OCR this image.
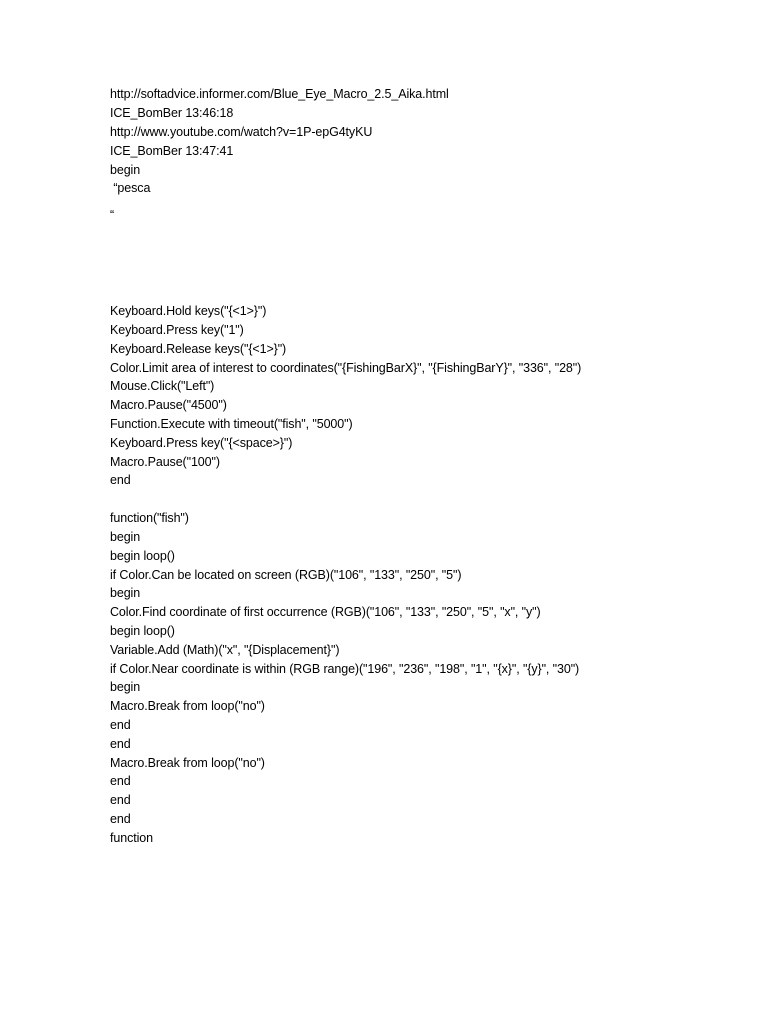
http://softadvice.informer.com/Blue_Eye_Macro_2.5_Aika.html
ICE_BomBer 13:46:18
http://www.youtube.com/watch?v=1P-epG4tyKU
ICE_BomBer 13:47:41
begin
“pesca
“
Keyboard.Hold keys("{<1>}")
Keyboard.Press key("1")
Keyboard.Release keys("{<1>}")
Color.Limit area of interest to coordinates("{FishingBarX}", "{FishingBarY}", "336", "28")
Mouse.Click("Left")
Macro.Pause("4500")
Function.Execute with timeout("fish", "5000")
Keyboard.Press key("{<space>}")
Macro.Pause("100")
end
function("fish")
begin
begin loop()
if Color.Can be located on screen (RGB)("106", "133", "250", "5")
begin
Color.Find coordinate of first occurrence (RGB)("106", "133", "250", "5", "x", "y")
begin loop()
Variable.Add (Math)("x", "{Displacement}")
if Color.Near coordinate is within (RGB range)("196", "236", "198", "1", "{x}", "{y}", "30")
begin
Macro.Break from loop("no")
end
end
Macro.Break from loop("no")
end
end
end
function
